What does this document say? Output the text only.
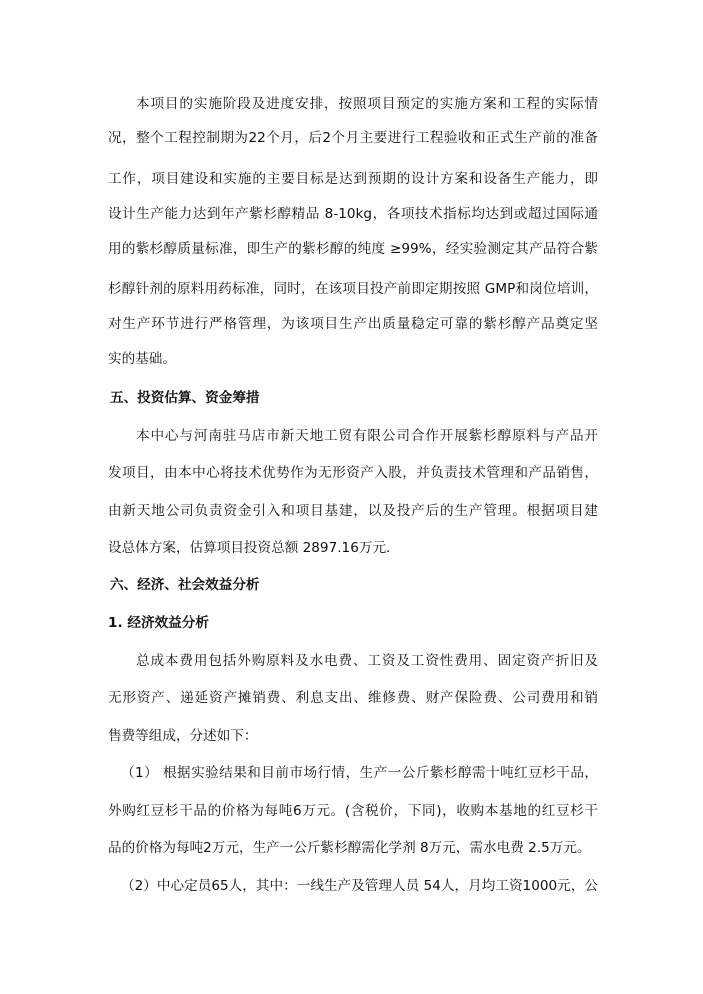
本项目的实施阶段及进度安排，按照项目预定的实施方案和工程的实际情
况，整个工程控制期为22个月，后2个月主要进行工程验收和正式生产前的准备
工作，项目建设和实施的主要目标是达到预期的设计方案和设备生产能力，即
设计生产能力达到年产紫杉醇精品 8-10kg，各项技术指标均达到或超过国际通
用的紫杉醇质量标准，即生产的紫杉醇的纯度 ≥99%，经实验测定其产品符合紫
杉醇针剂的原料用药标准，同时，在该项目投产前即定期按照 GMP和岗位培训，
对生产环节进行严格管理，为该项目生产出质量稳定可靠的紫杉醇产品奠定坚
实的基础。
五、投资估算、资金筹措
本中心与河南驻马店市新天地工贸有限公司合作开展紫杉醇原料与产品开
发项目，由本中心将技术优势作为无形资产入股，并负责技术管理和产品销售，
由新天地公司负责资金引入和项目基建，以及投产后的生产管理。根据项目建
设总体方案，估算项目投资总额 2897.16万元.
六、经济、社会效益分析
1. 经济效益分析
总成本费用包括外购原料及水电费、工资及工资性费用、固定资产折旧及
无形资产、递延资产摊销费、利息支出、维修费、财产保险费、公司费用和销
售费等组成，分述如下：
（1） 根据实验结果和目前市场行情，生产一公斤紫杉醇需十吨红豆杉干品，
外购红豆杉干品的价格为每吨6万元。(含税价，下同)，收购本基地的红豆杉干
品的价格为每吨2万元，生产一公斤紫杉醇需化学剂 8万元，需水电费 2.5万元。
（2）中心定员65人，其中：一线生产及管理人员 54人，月均工资1000元，公
